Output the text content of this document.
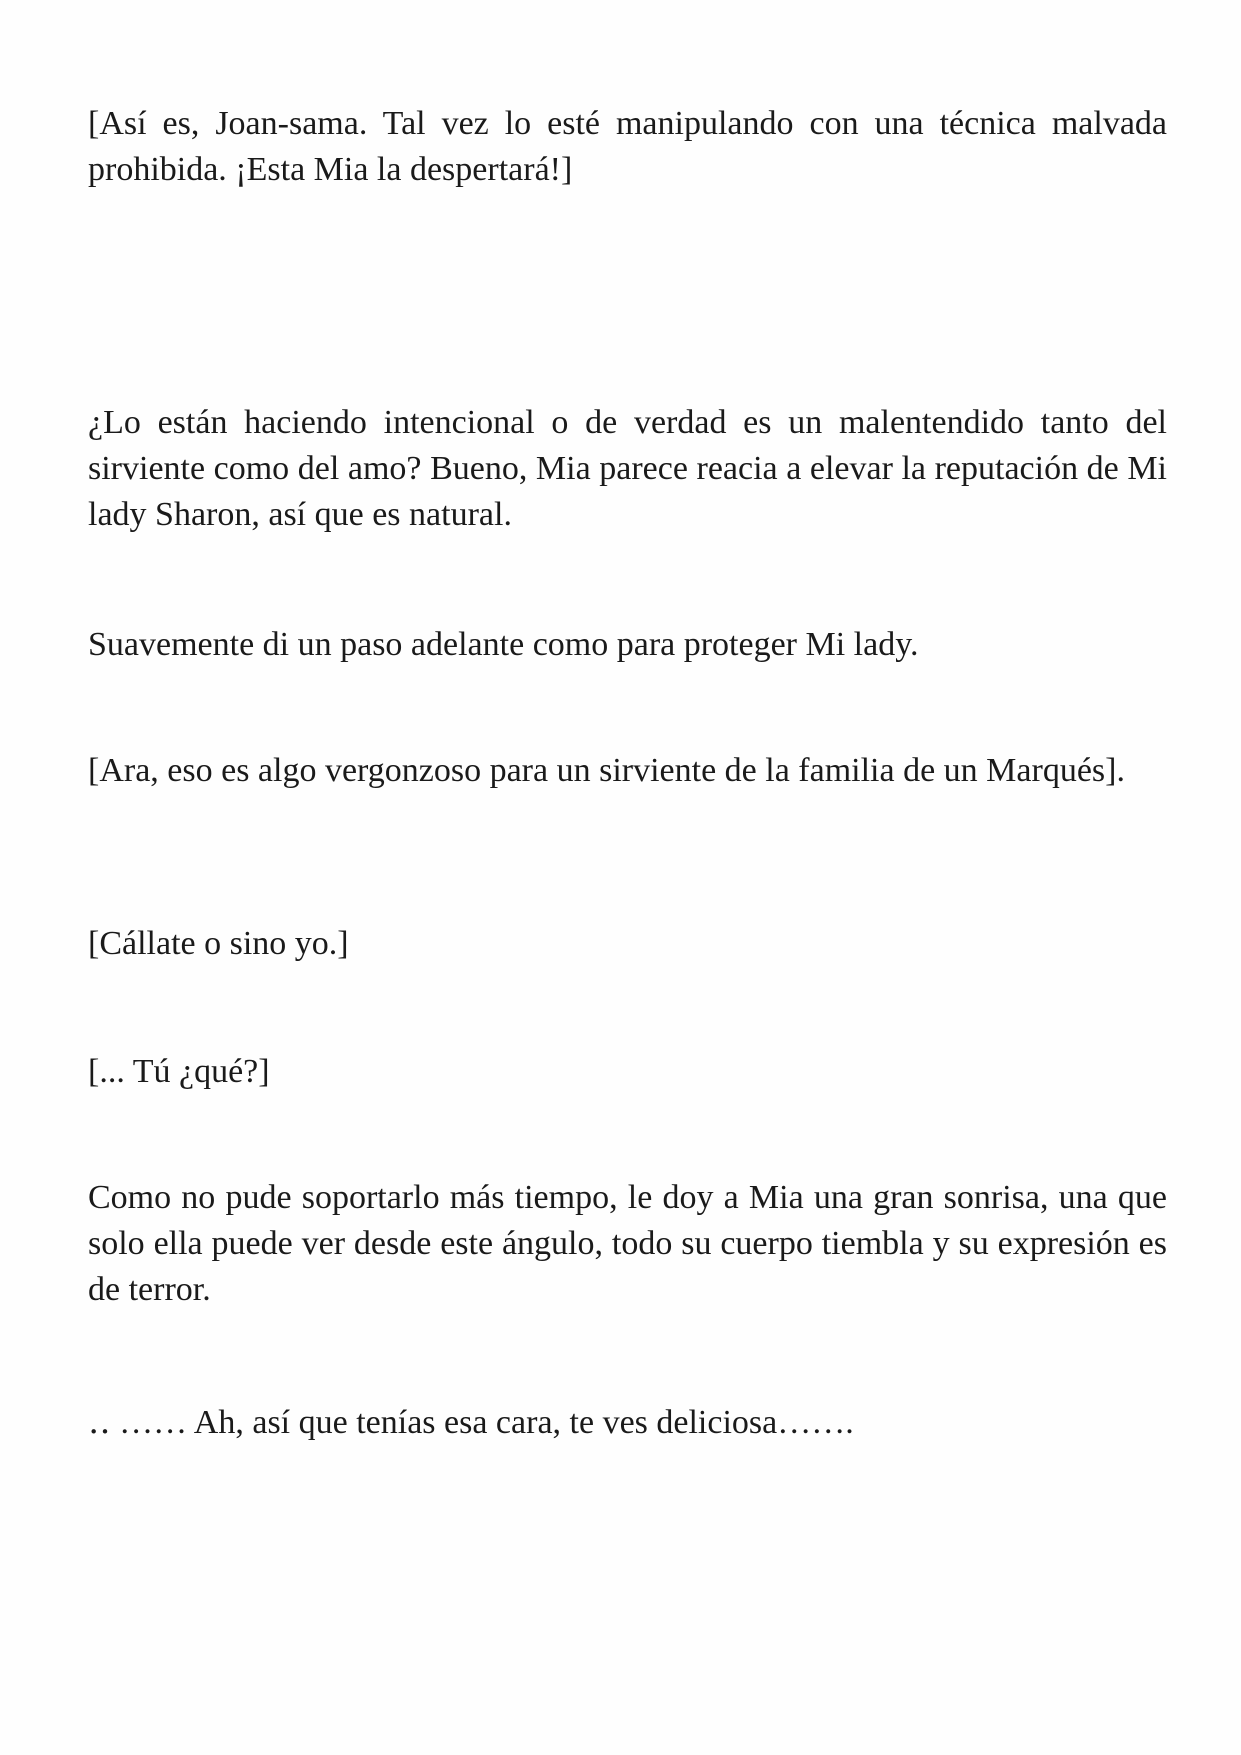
[Así es, Joan-sama. Tal vez lo esté manipulando con una técnica malvada prohibida. ¡Esta Mia la despertará!]

¿Lo están haciendo intencional o de verdad es un malentendido tanto del sirviente como del amo? Bueno, Mia parece reacia a elevar la reputación de Mi lady Sharon, así que es natural.

Suavemente di un paso adelante como para proteger Mi lady.

[Ara, eso es algo vergonzoso para un sirviente de la familia de un Marqués].

[Cállate o sino yo.]

[... Tú ¿qué?]

Como no pude soportarlo más tiempo, le doy a Mia una gran sonrisa, una que solo ella puede ver desde este ángulo, todo su cuerpo tiembla y su expresión es de terror.

‥ …… Ah, así que tenías esa cara, te ves deliciosa…….
